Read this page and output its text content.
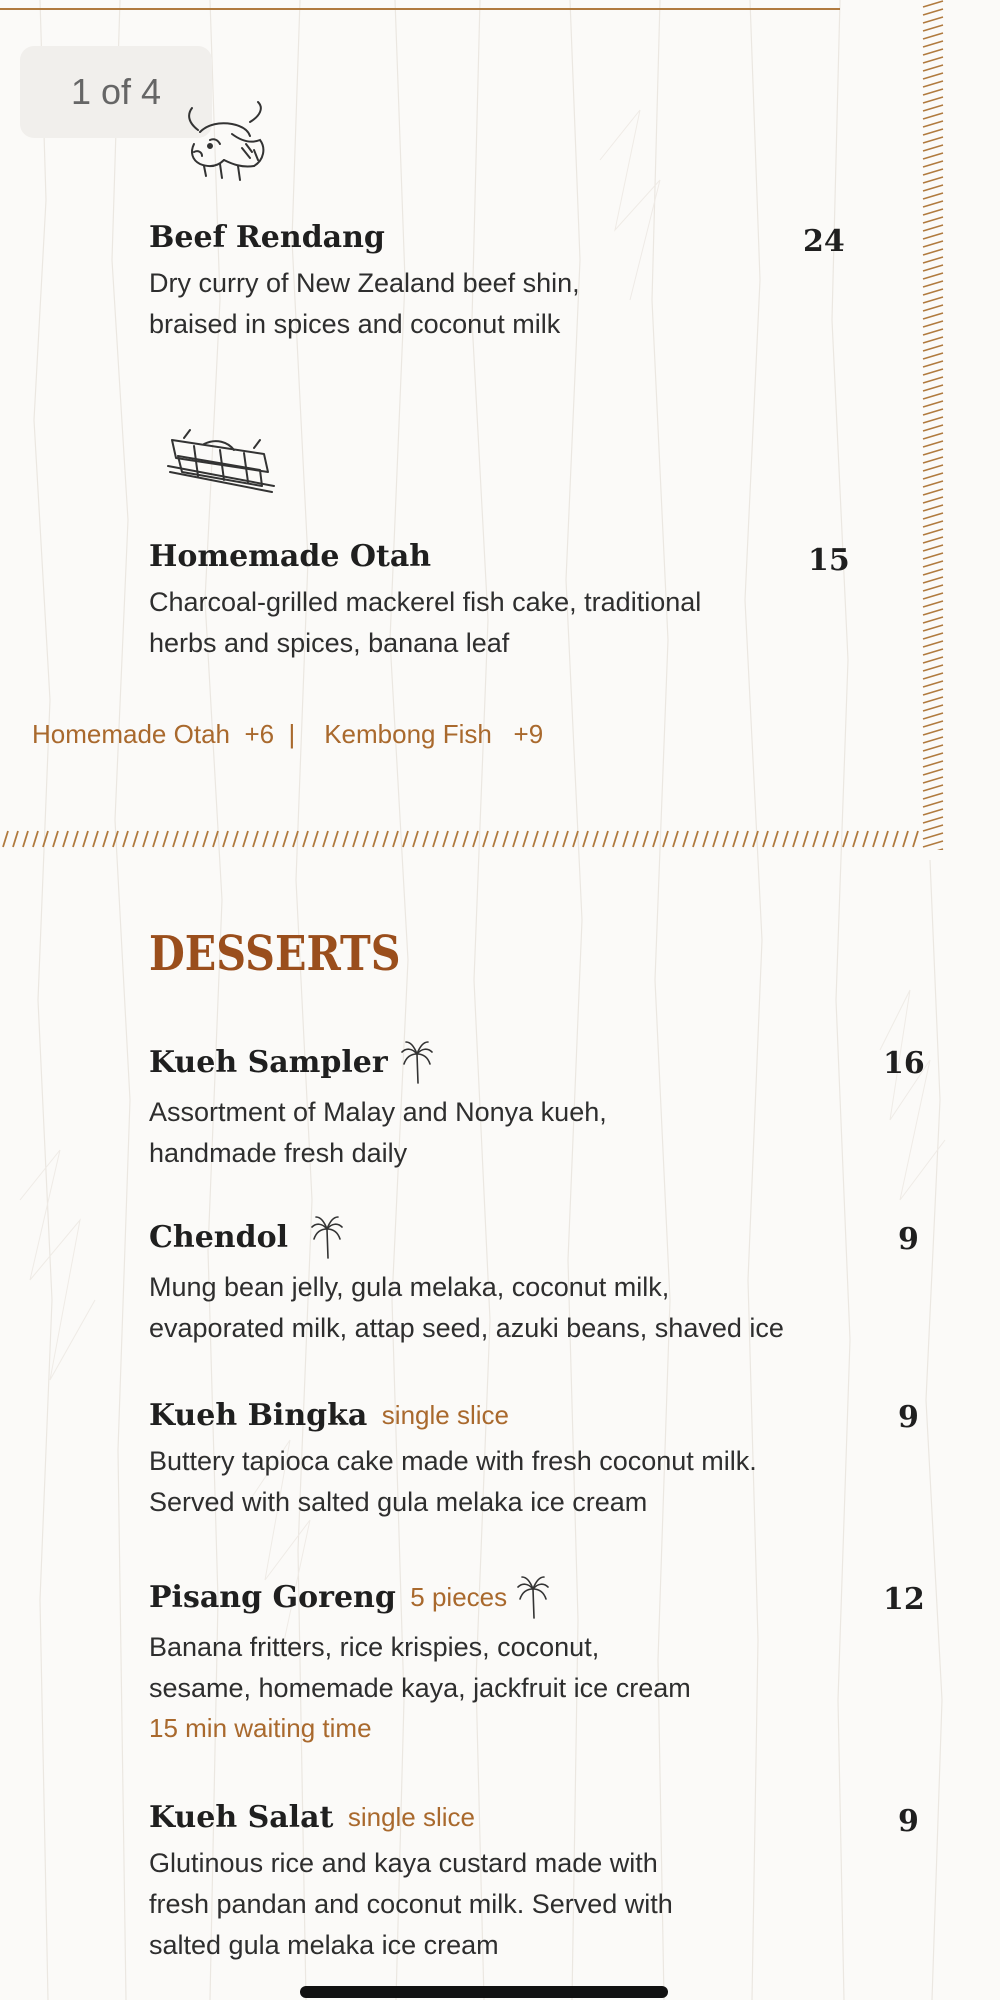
1 of 4
Beef Rendang
Dry curry of New Zealand beef shin,
braised in spices and coconut milk
24
Homemade Otah
Charcoal-grilled mackerel fish cake, traditional
herbs and spices, banana leaf
15
Homemade Otah +6 | Kembong Fish +9
DESSERTS
Kueh Sampler
Assortment of Malay and Nonya kueh,
handmade fresh daily
16
Chendol
Mung bean jelly, gula melaka, coconut milk,
evaporated milk, attap seed, azuki beans, shaved ice
9
Kueh Bingka single slice
Buttery tapioca cake made with fresh coconut milk.
Served with salted gula melaka ice cream
9
Pisang Goreng 5 pieces
Banana fritters, rice krispies, coconut,
sesame, homemade kaya, jackfruit ice cream
15 min waiting time
12
Kueh Salat single slice
Glutinous rice and kaya custard made with
fresh pandan and coconut milk. Served with
salted gula melaka ice cream
9
